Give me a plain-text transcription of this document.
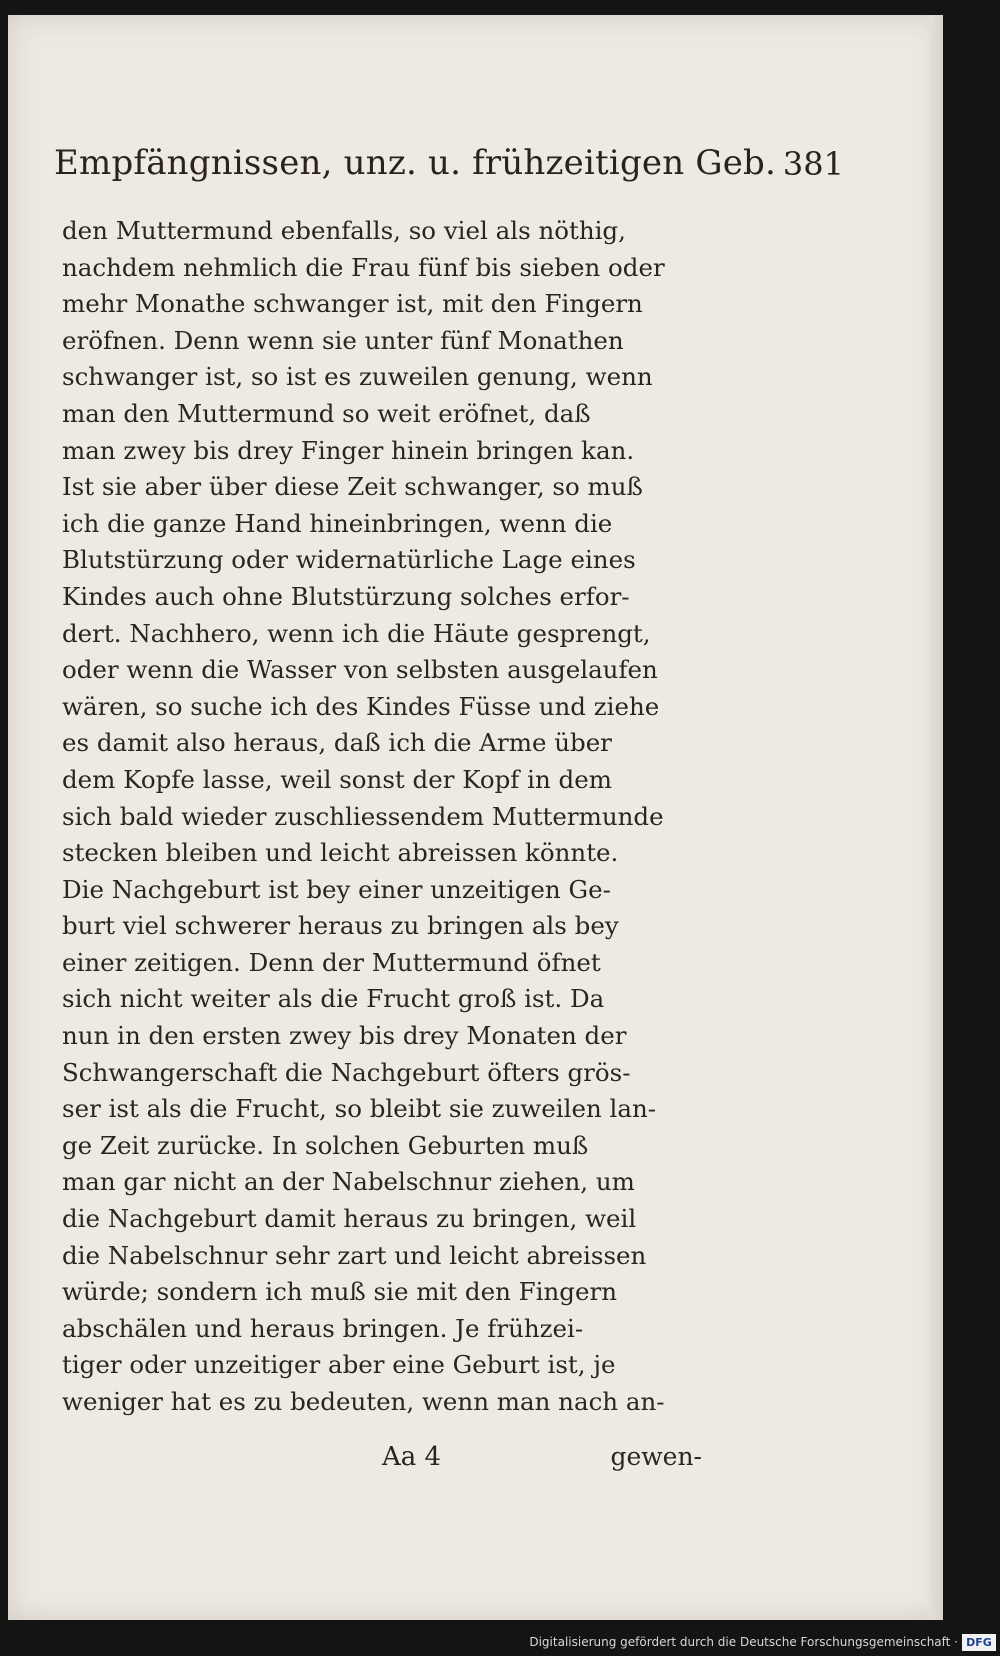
Empfängnissen, unz. u. frühzeitigen Geb. 381
den Muttermund ebenfalls, so viel als nöthig,
nachdem nehmlich die Frau fünf bis sieben oder
mehr Monathe schwanger ist, mit den Fingern
eröfnen. Denn wenn sie unter fünf Monathen
schwanger ist, so ist es zuweilen genung, wenn
man den Muttermund so weit eröfnet, daß
man zwey bis drey Finger hinein bringen kan.
Ist sie aber über diese Zeit schwanger, so muß
ich die ganze Hand hineinbringen, wenn die
Blutstürzung oder widernatürliche Lage eines
Kindes auch ohne Blutstürzung solches erfor-
dert. Nachhero, wenn ich die Häute gesprengt,
oder wenn die Wasser von selbsten ausgelaufen
wären, so suche ich des Kindes Füsse und ziehe
es damit also heraus, daß ich die Arme über
dem Kopfe lasse, weil sonst der Kopf in dem
sich bald wieder zuschliessendem Muttermunde
stecken bleiben und leicht abreissen könnte.
Die Nachgeburt ist bey einer unzeitigen Ge-
burt viel schwerer heraus zu bringen als bey
einer zeitigen. Denn der Muttermund öfnet
sich nicht weiter als die Frucht groß ist. Da
nun in den ersten zwey bis drey Monaten der
Schwangerschaft die Nachgeburt öfters grös-
ser ist als die Frucht, so bleibt sie zuweilen lan-
ge Zeit zurücke. In solchen Geburten muß
man gar nicht an der Nabelschnur ziehen, um
die Nachgeburt damit heraus zu bringen, weil
die Nabelschnur sehr zart und leicht abreissen
würde; sondern ich muß sie mit den Fingern
abschälen und heraus bringen. Je frühzei-
tiger oder unzeitiger aber eine Geburt ist, je
weniger hat es zu bedeuten, wenn man nach an-
Aa 4	gewen-
Digitalisierung gefördert durch die Deutsche Forschungsgemeinschaft · DFG
